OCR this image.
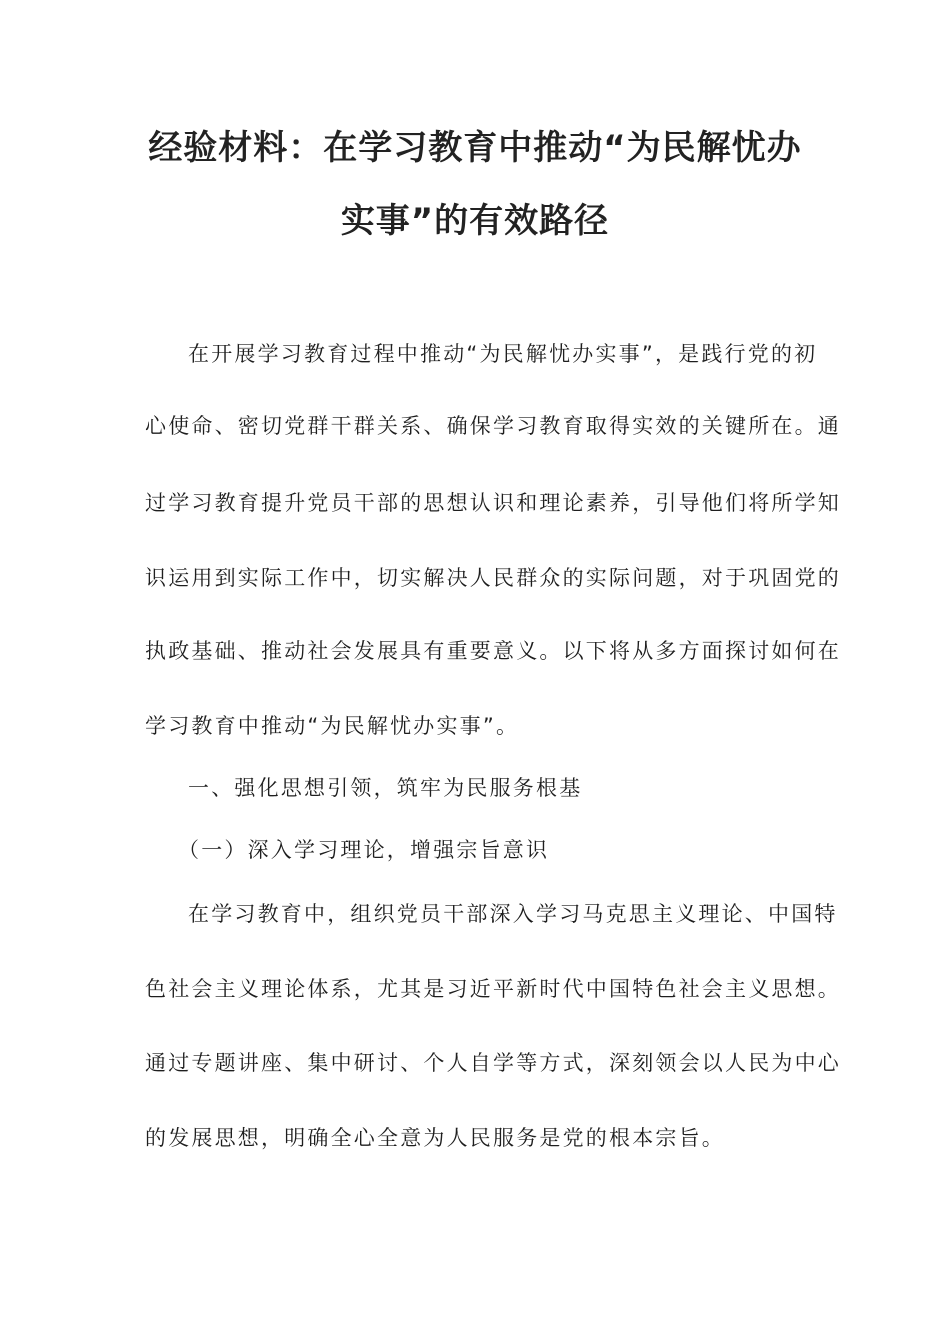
经验材料：在学习教育中推动“为民解忧办
实事”的有效路径
在开展学习教育过程中推动“为民解忧办实事”，是践行党的初
心使命、密切党群干群关系、确保学习教育取得实效的关键所在。通
过学习教育提升党员干部的思想认识和理论素养，引导他们将所学知
识运用到实际工作中，切实解决人民群众的实际问题，对于巩固党的
执政基础、推动社会发展具有重要意义。以下将从多方面探讨如何在
学习教育中推动“为民解忧办实事”。
一、强化思想引领，筑牢为民服务根基
（一）深入学习理论，增强宗旨意识
在学习教育中，组织党员干部深入学习马克思主义理论、中国特
色社会主义理论体系，尤其是习近平新时代中国特色社会主义思想。
通过专题讲座、集中研讨、个人自学等方式，深刻领会以人民为中心
的发展思想，明确全心全意为人民服务是党的根本宗旨。
